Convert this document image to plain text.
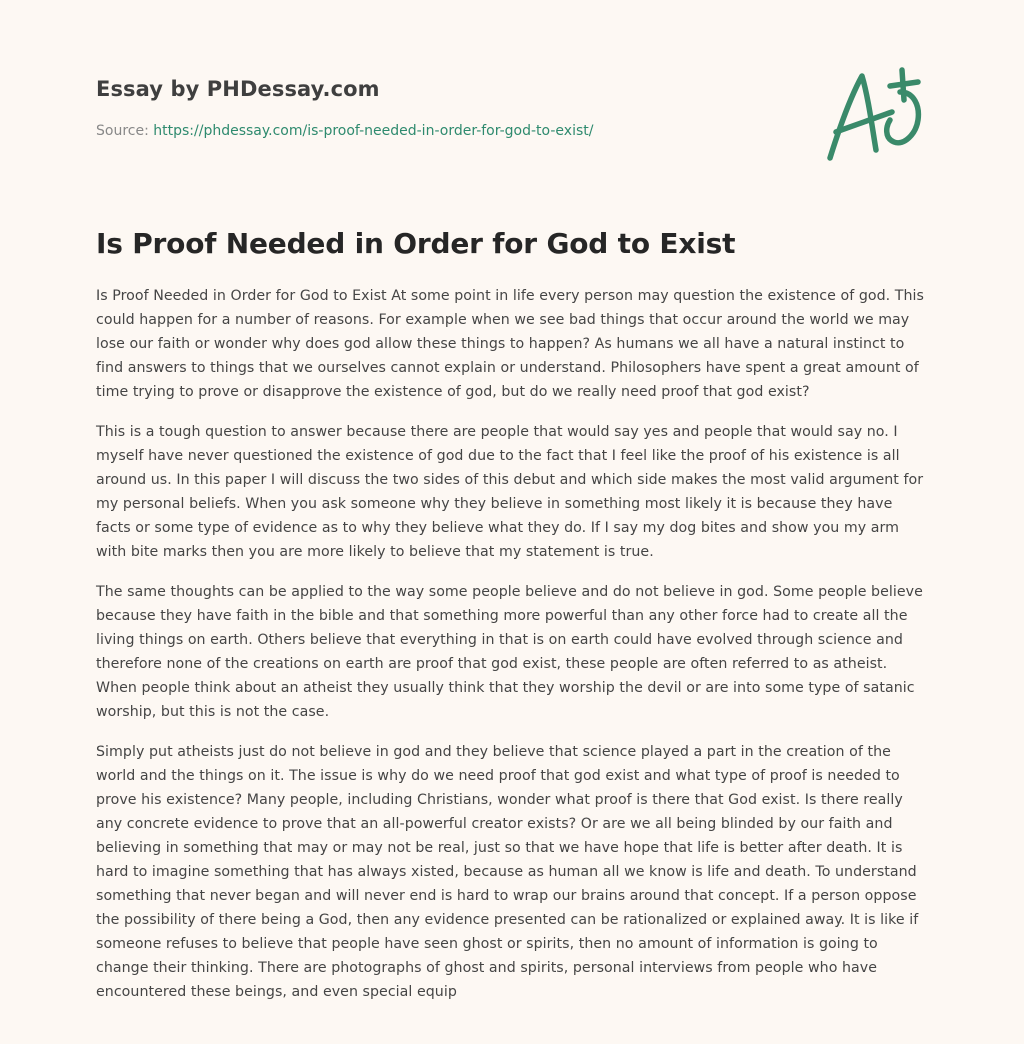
Essay by PHDessay.com
Source: https://phdessay.com/is-proof-needed-in-order-for-god-to-exist/
Is Proof Needed in Order for God to Exist

Is Proof Needed in Order for God to Exist At some point in life every person may question the existence of god. This could happen for a number of reasons. For example when we see bad things that occur around the world we may lose our faith or wonder why does god allow these things to happen? As humans we all have a natural instinct to find answers to things that we ourselves cannot explain or understand. Philosophers have spent a great amount of time trying to prove or disapprove the existence of god, but do we really need proof that god exist?

This is a tough question to answer because there are people that would say yes and people that would say no. I myself have never questioned the existence of god due to the fact that I feel like the proof of his existence is all around us. In this paper I will discuss the two sides of this debut and which side makes the most valid argument for my personal beliefs. When you ask someone why they believe in something most likely it is because they have facts or some type of evidence as to why they believe what they do. If I say my dog bites and show you my arm with bite marks then you are more likely to believe that my statement is true.

The same thoughts can be applied to the way some people believe and do not believe in god. Some people believe because they have faith in the bible and that something more powerful than any other force had to create all the living things on earth. Others believe that everything in that is on earth could have evolved through science and therefore none of the creations on earth are proof that god exist, these people are often referred to as atheist. When people think about an atheist they usually think that they worship the devil or are into some type of satanic worship, but this is not the case.

Simply put atheists just do not believe in god and they believe that science played a part in the creation of the world and the things on it. The issue is why do we need proof that god exist and what type of proof is needed to prove his existence? Many people, including Christians, wonder what proof is there that God exist. Is there really any concrete evidence to prove that an all-powerful creator exists? Or are we all being blinded by our faith and believing in something that may or may not be real, just so that we have hope that life is better after death. It is hard to imagine something that has always xisted, because as human all we know is life and death. To understand something that never began and will never end is hard to wrap our brains around that concept. If a person oppose the possibility of there being a God, then any evidence presented can be rationalized or explained away. It is like if someone refuses to believe that people have seen ghost or spirits, then no amount of information is going to change their thinking. There are photographs of ghost and spirits, personal interviews from people who have encountered these beings, and even special equip
